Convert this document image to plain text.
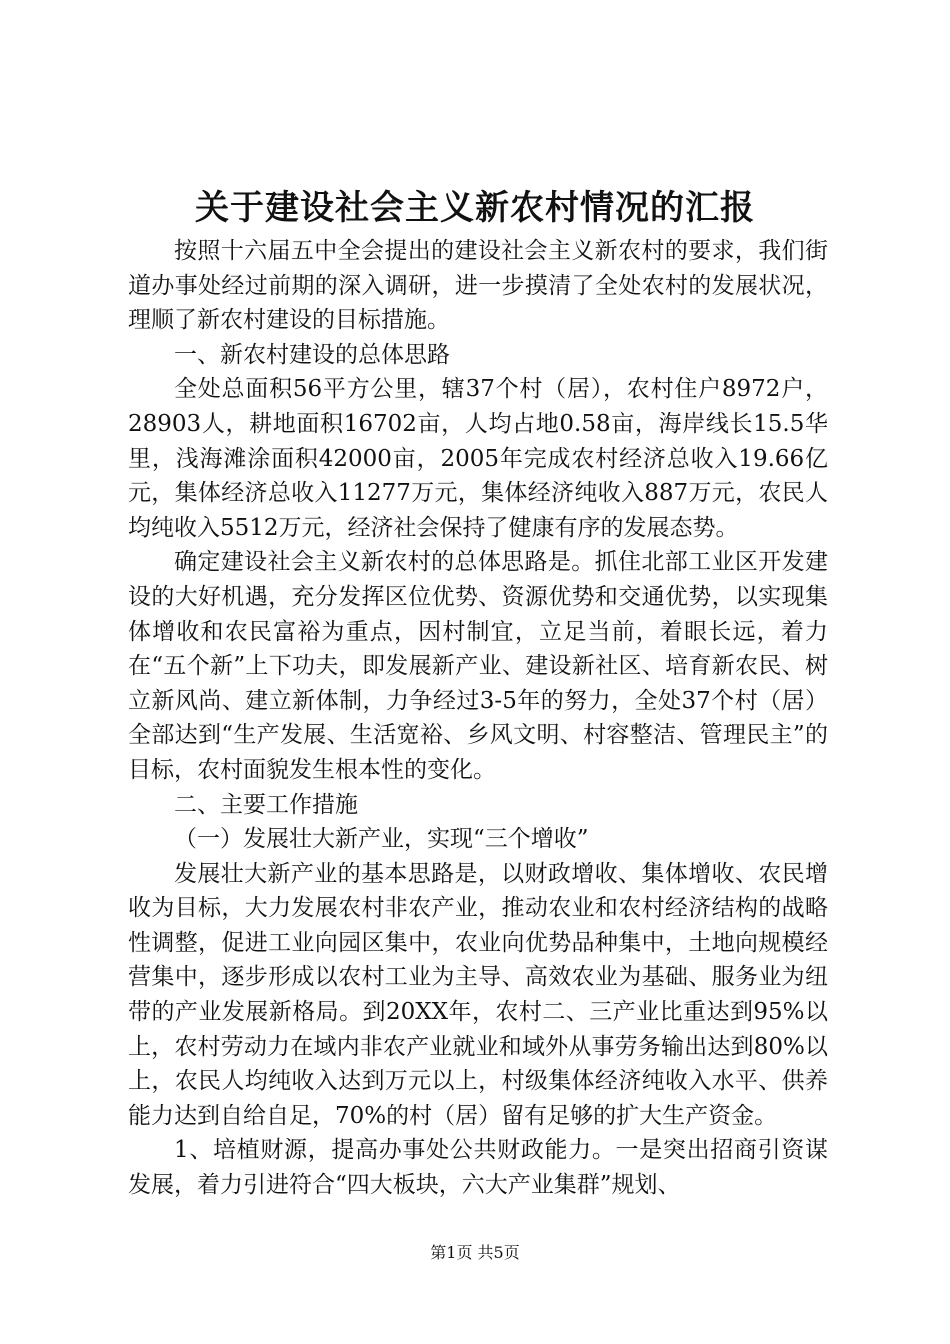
关于建设社会主义新农村情况的汇报

按照十六届五中全会提出的建设社会主义新农村的要求，我们街道办事处经过前期的深入调研，进一步摸清了全处农村的发展状况，理顺了新农村建设的目标措施。

一、新农村建设的总体思路

全处总面积56平方公里，辖37个村（居），农村住户8972户，28903人，耕地面积16702亩，人均占地0.58亩，海岸线长15.5华里，浅海滩涂面积42000亩，2005年完成农村经济总收入19.66亿元，集体经济总收入11277万元，集体经济纯收入887万元，农民人均纯收入5512万元，经济社会保持了健康有序的发展态势。

确定建设社会主义新农村的总体思路是。抓住北部工业区开发建设的大好机遇，充分发挥区位优势、资源优势和交通优势，以实现集体增收和农民富裕为重点，因村制宜，立足当前，着眼长远，着力在“五个新”上下功夫，即发展新产业、建设新社区、培育新农民、树立新风尚、建立新体制，力争经过3-5年的努力，全处37个村（居）全部达到“生产发展、生活宽裕、乡风文明、村容整洁、管理民主”的目标，农村面貌发生根本性的变化。

二、主要工作措施

（一）发展壮大新产业，实现“三个增收”

发展壮大新产业的基本思路是，以财政增收、集体增收、农民增收为目标，大力发展农村非农产业，推动农业和农村经济结构的战略性调整，促进工业向园区集中，农业向优势品种集中，土地向规模经营集中，逐步形成以农村工业为主导、高效农业为基础、服务业为纽带的产业发展新格局。到20XX年，农村二、三产业比重达到95%以上，农村劳动力在域内非农产业就业和域外从事劳务输出达到80%以上，农民人均纯收入达到万元以上，村级集体经济纯收入水平、供养能力达到自给自足，70%的村（居）留有足够的扩大生产资金。

1、培植财源，提高办事处公共财政能力。一是突出招商引资谋发展，着力引进符合“四大板块，六大产业集群”规划、

第1页 共5页
